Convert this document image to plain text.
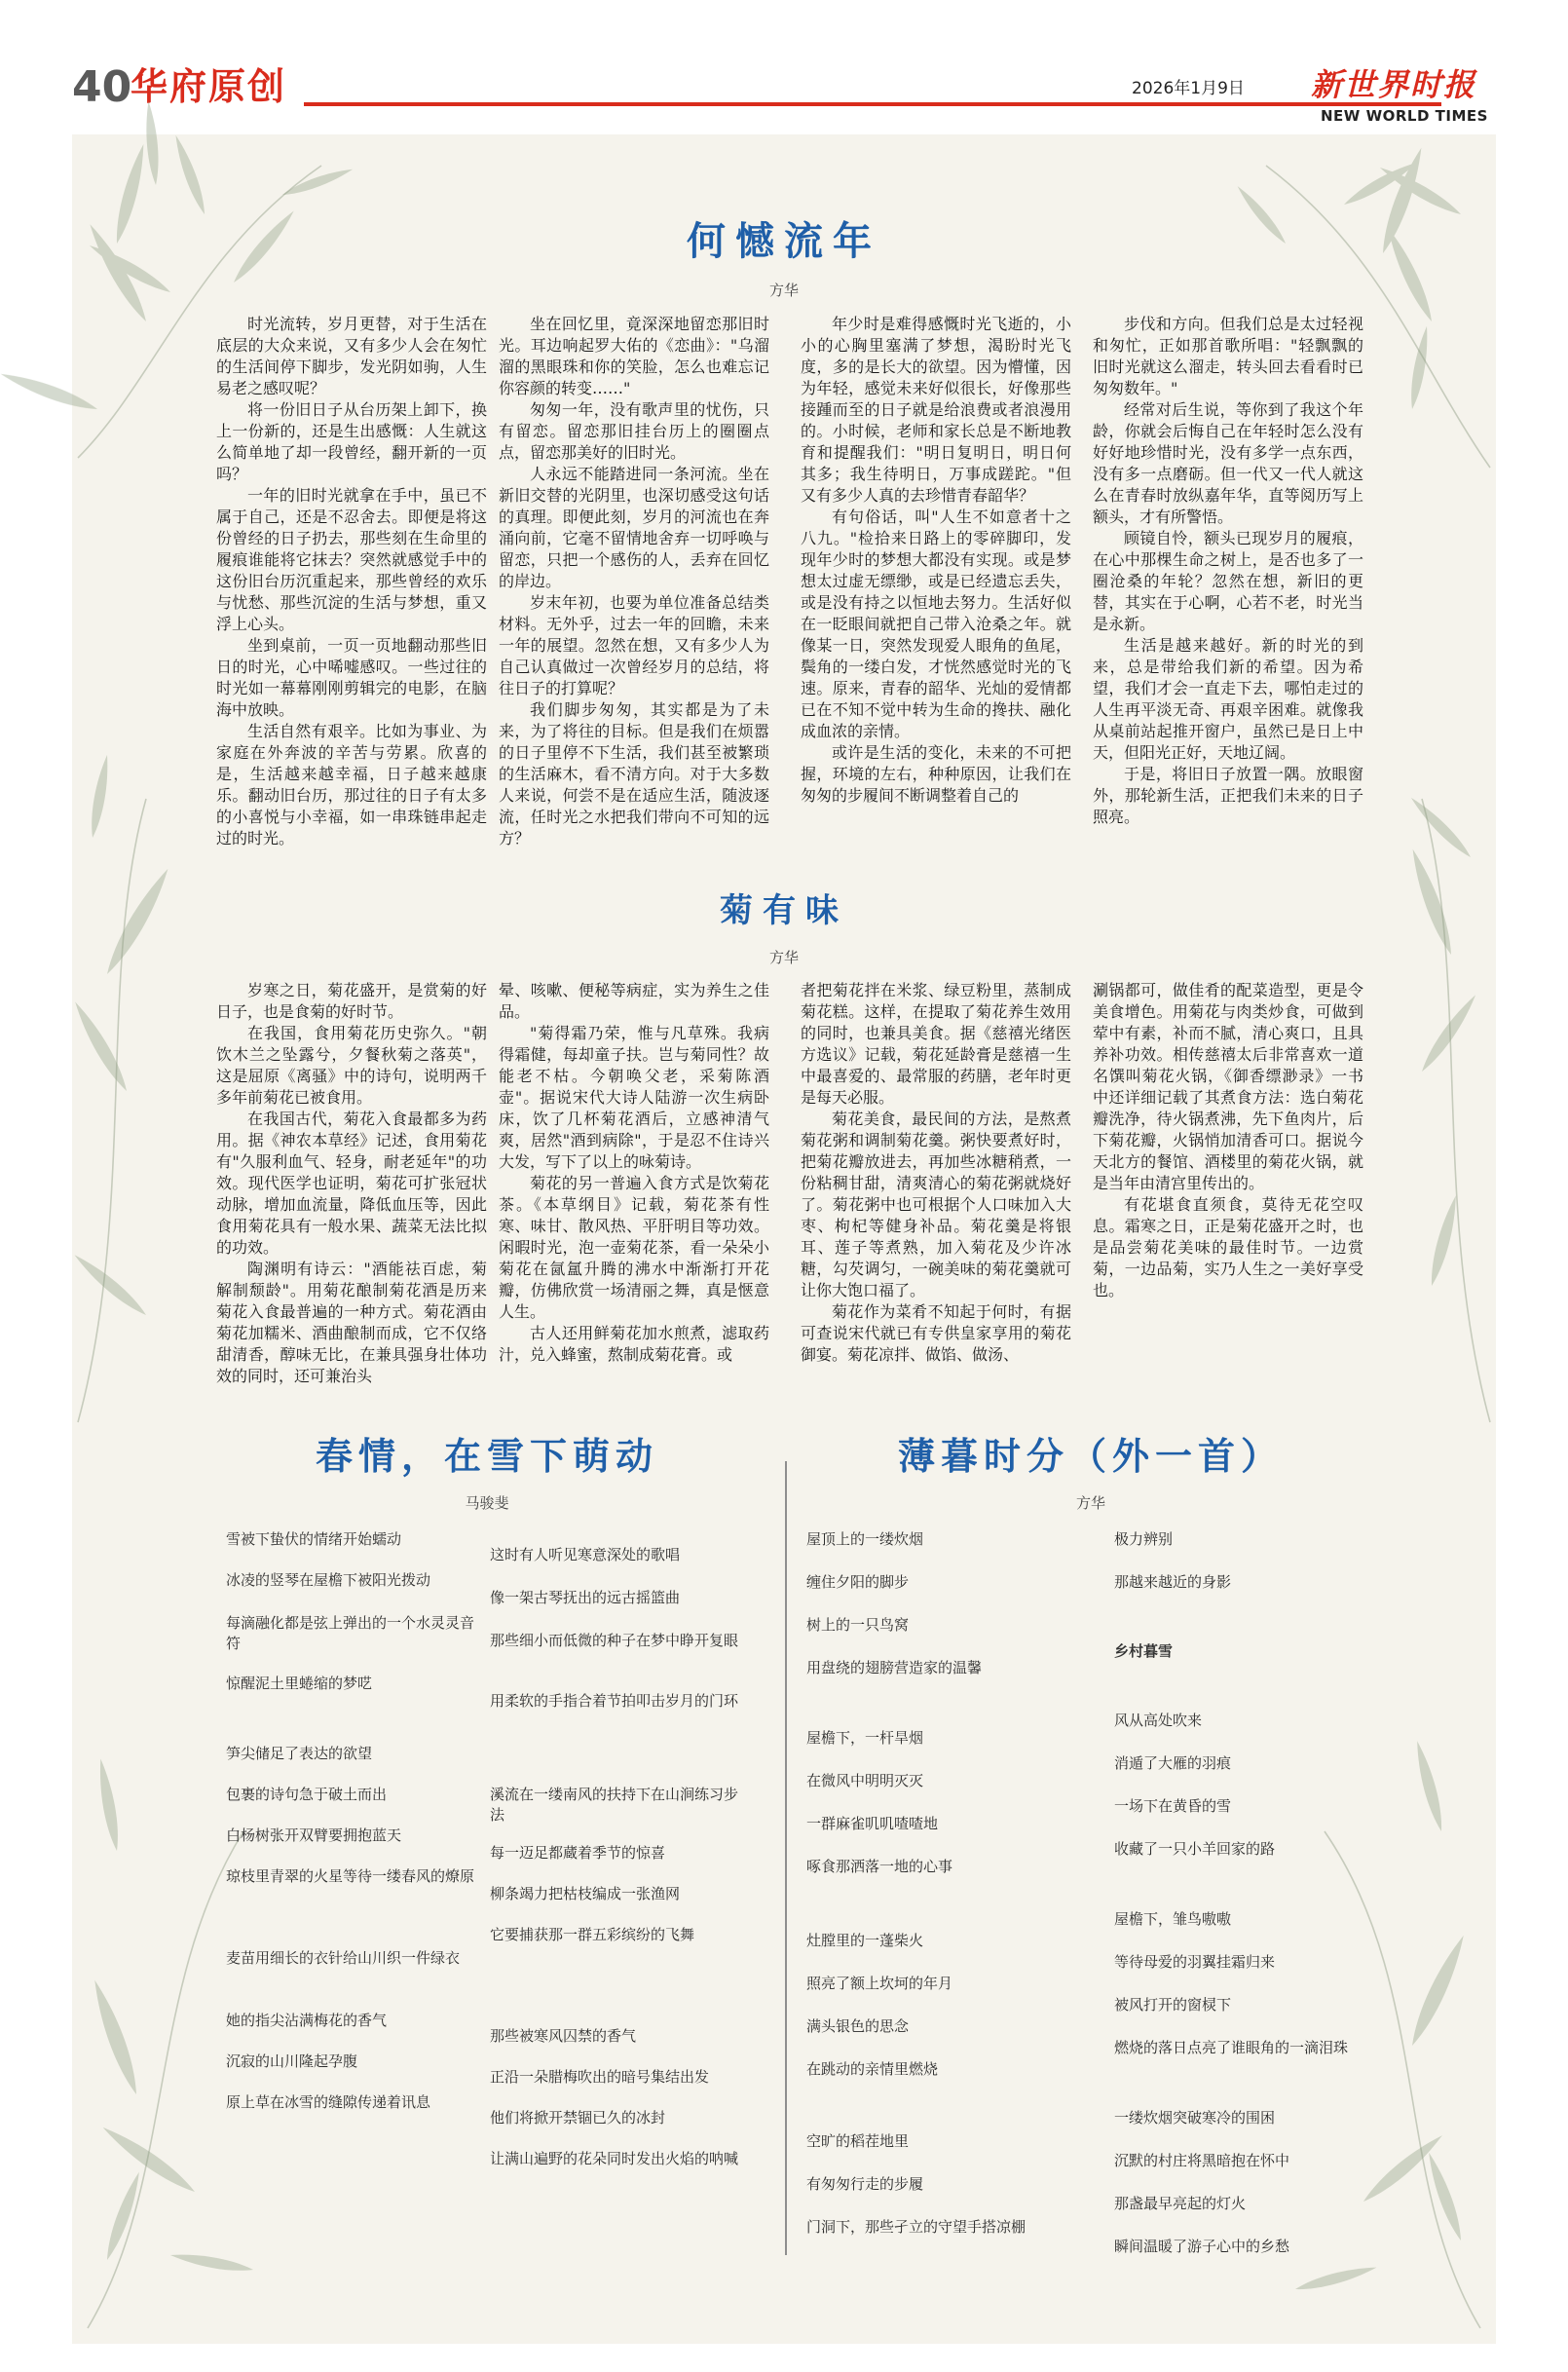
40
华府原创	2026年1月9日 新世界时报
NEW WORLD TIMES
何憾流年
方华

时光流转，岁月更替，对于生活在底层的大众来说，又有多少人会在匆忙的生活间停下脚步，发光阴如驹，人生易老之感叹呢？

将一份旧日子从台历架上卸下，换上一份新的，还是生出感慨：人生就这么简单地了却一段曾经，翻开新的一页吗？

一年的旧时光就拿在手中，虽已不属于自己，还是不忍舍去。即便是将这份曾经的日子扔去，那些刻在生命里的履痕谁能将它抹去？突然就感觉手中的这份旧台历沉重起来，那些曾经的欢乐与忧愁、那些沉淀的生活与梦想，重又浮上心头。

坐到桌前，一页一页地翻动那些旧日的时光，心中唏嘘感叹。一些过往的时光如一幕幕刚刚剪辑完的电影，在脑海中放映。

生活自然有艰辛。比如为事业、为家庭在外奔波的辛苦与劳累。欣喜的是，生活越来越幸福，日子越来越康乐。翻动旧台历，那过往的日子有太多的小喜悦与小幸福，如一串珠链串起走过的时光。

坐在回忆里，竟深深地留恋那旧时光。耳边响起罗大佑的《恋曲》："乌溜溜的黑眼珠和你的笑脸，怎么也难忘记你容颜的转变……"

匆匆一年，没有歌声里的忧伤，只有留恋。留恋那旧挂台历上的圈圈点点，留恋那美好的旧时光。

人永远不能踏进同一条河流。坐在新旧交替的光阴里，也深切感受这句话的真理。即便此刻，岁月的河流也在奔涌向前，它毫不留情地舍弃一切呼唤与留恋，只把一个感伤的人，丢弃在回忆的岸边。

岁末年初，也要为单位准备总结类材料。无外乎，过去一年的回瞻，未来一年的展望。忽然在想，又有多少人为自己认真做过一次曾经岁月的总结，将往日子的打算呢？

我们脚步匆匆，其实都是为了未来，为了将往的目标。但是我们在烦嚣的日子里停不下生活，我们甚至被繁琐的生活麻木，看不清方向。对于大多数人来说，何尝不是在适应生活，随波逐流，任时光之水把我们带向不可知的远方？

年少时是难得感慨时光飞逝的，小小的心胸里塞满了梦想，渴盼时光飞度，多的是长大的欲望。因为懵懂，因为年轻，感觉未来好似很长，好像那些接踵而至的日子就是给浪费或者浪漫用的。小时候，老师和家长总是不断地教育和提醒我们："明日复明日，明日何其多；我生待明日，万事成蹉跎。"但又有多少人真的去珍惜青春韶华？

有句俗话，叫"人生不如意者十之八九。"检拾来日路上的零碎脚印，发现年少时的梦想大都没有实现。或是梦想太过虚无缥缈，或是已经遗忘丢失，或是没有持之以恒地去努力。生活好似在一眨眼间就把自己带入沧桑之年。就像某一日，突然发现爱人眼角的鱼尾，鬓角的一缕白发，才恍然感觉时光的飞速。原来，青春的韶华、光灿的爱情都已在不知不觉中转为生命的搀扶、融化成血浓的亲情。

或许是生活的变化，未来的不可把握，环境的左右，种种原因，让我们在匆匆的步履间不断调整着自己的

步伐和方向。但我们总是太过轻视和匆忙，正如那首歌所唱："轻飘飘的旧时光就这么溜走，转头回去看看时已匆匆数年。"

经常对后生说，等你到了我这个年龄，你就会后悔自己在年轻时怎么没有好好地珍惜时光，没有多学一点东西，没有多一点磨砺。但一代又一代人就这么在青春时放纵嘉年华，直等阅历写上额头，才有所警悟。

顾镜自怜，额头已现岁月的履痕，在心中那棵生命之树上，是否也多了一圈沧桑的年轮？忽然在想，新旧的更替，其实在于心啊，心若不老，时光当是永新。

生活是越来越好。新的时光的到来，总是带给我们新的希望。因为希望，我们才会一直走下去，哪怕走过的人生再平淡无奇、再艰辛困难。就像我从桌前站起推开窗户，虽然已是日上中天，但阳光正好，天地辽阔。

于是，将旧日子放置一隅。放眼窗外，那轮新生活，正把我们未来的日子照亮。

菊有味
方华

岁寒之日，菊花盛开，是赏菊的好日子，也是食菊的好时节。

在我国，食用菊花历史弥久。"朝饮木兰之坠露兮，夕餐秋菊之落英"，这是屈原《离骚》中的诗句，说明两千多年前菊花已被食用。

在我国古代，菊花入食最都多为药用。据《神农本草经》记述，食用菊花有"久服利血气、轻身，耐老延年"的功效。现代医学也证明，菊花可扩张冠状动脉，增加血流量，降低血压等，因此食用菊花具有一般水果、蔬菜无法比拟的功效。

陶渊明有诗云："酒能祛百虑，菊解制颓龄"。用菊花酿制菊花酒是历来菊花入食最普遍的一种方式。菊花酒由菊花加糯米、酒曲酿制而成，它不仅络甜清香，醇味无比，在兼具强身壮体功效的同时，还可兼治头

晕、咳嗽、便秘等病症，实为养生之佳品。

"菊得霜乃荣，惟与凡草殊。我病得霜健，每却童子扶。岂与菊同性？故能老不枯。今朝唤父老，采菊陈酒壶"。据说宋代大诗人陆游一次生病卧床，饮了几杯菊花酒后，立感神清气爽，居然"酒到病除"，于是忍不住诗兴大发，写下了以上的咏菊诗。

菊花的另一普遍入食方式是饮菊花茶。《本草纲目》记载，菊花茶有性寒、味甘、散风热、平肝明目等功效。闲暇时光，泡一壶菊花茶，看一朵朵小菊花在氤氲升腾的沸水中渐渐打开花瓣，仿佛欣赏一场清丽之舞，真是惬意人生。

古人还用鲜菊花加水煎煮，滤取药汁，兑入蜂蜜，熬制成菊花膏。或

者把菊花拌在米浆、绿豆粉里，蒸制成菊花糕。这样，在提取了菊花养生效用的同时，也兼具美食。据《慈禧光绪医方选议》记载，菊花延龄膏是慈禧一生中最喜爱的、最常服的药膳，老年时更是每天必服。

菊花美食，最民间的方法，是熬煮菊花粥和调制菊花羹。粥快要煮好时，把菊花瓣放进去，再加些冰糖稍煮，一份粘稠甘甜，清爽清心的菊花粥就烧好了。菊花粥中也可根据个人口味加入大枣、枸杞等健身补品。菊花羹是将银耳、莲子等煮熟，加入菊花及少许冰糖，勾芡调匀，一碗美味的菊花羹就可让你大饱口福了。

菊花作为菜肴不知起于何时，有据可查说宋代就已有专供皇家享用的菊花御宴。菊花凉拌、做馅、做汤、

涮锅都可，做佳肴的配菜造型，更是令美食增色。用菊花与肉类炒食，可做到荤中有素，补而不腻，清心爽口，且具养补功效。相传慈禧太后非常喜欢一道名馔叫菊花火锅，《御香缥渺录》一书中还详细记载了其煮食方法：选白菊花瓣洗净，待火锅煮沸，先下鱼肉片，后下菊花瓣，火锅悄加清香可口。据说今天北方的餐馆、酒楼里的菊花火锅，就是当年由清宫里传出的。

有花堪食直须食，莫待无花空叹息。霜寒之日，正是菊花盛开之时，也是品尝菊花美味的最佳时节。一边赏菊，一边品菊，实乃人生之一美好享受也。

春情，在雪下萌动
马骏斐
雪被下蛰伏的情绪开始蠕动
冰凌的竖琴在屋檐下被阳光拨动
每滴融化都是弦上弹出的一个水灵灵音符
惊醒泥土里蜷缩的梦呓
笋尖储足了表达的欲望
包裹的诗句急于破土而出
白杨树张开双臂要拥抱蓝天
琼枝里青翠的火星等待一缕春风的燎原
麦苗用细长的衣针给山川织一件绿衣
她的指尖沾满梅花的香气
沉寂的山川隆起孕腹
原上草在冰雪的缝隙传递着讯息
这时有人听见寒意深处的歌唱
像一架古琴抚出的远古摇篮曲
那些细小而低微的种子在梦中睁开复眼
用柔软的手指合着节拍叩击岁月的门环
溪流在一缕南风的扶持下在山涧练习步法
每一迈足都蔵着季节的惊喜
柳条竭力把枯枝编成一张渔网
它要捕获那一群五彩缤纷的飞舞
那些被寒风囚禁的香气
正沿一朵腊梅吹出的暗号集结出发
他们将掀开禁锢已久的冰封
让满山遍野的花朵同时发出火焰的呐喊
薄暮时分（外一首）
方华
屋顶上的一缕炊烟
缠住夕阳的脚步
树上的一只鸟窝
用盘绕的翅膀营造家的温馨
屋檐下，一杆旱烟
在微风中明明灭灭
一群麻雀叽叽喳喳地
啄食那洒落一地的心事
灶膛里的一蓬柴火
照亮了额上坎坷的年月
满头银色的思念
在跳动的亲情里燃烧
空旷的稻茬地里
有匆匆行走的步履
门洞下，那些孑立的守望手搭凉棚
极力辨别
那越来越近的身影
乡村暮雪
风从高处吹来
消遁了大雁的羽痕
一场下在黄昏的雪
收藏了一只小羊回家的路
屋檐下，雏鸟嗷嗷
等待母爱的羽翼挂霜归来
被风打开的窗棂下
燃烧的落日点亮了谁眼角的一滴泪珠
一缕炊烟突破寒冷的围困
沉默的村庄将黑暗抱在怀中
那盏最早亮起的灯火
瞬间温暖了游子心中的乡愁
